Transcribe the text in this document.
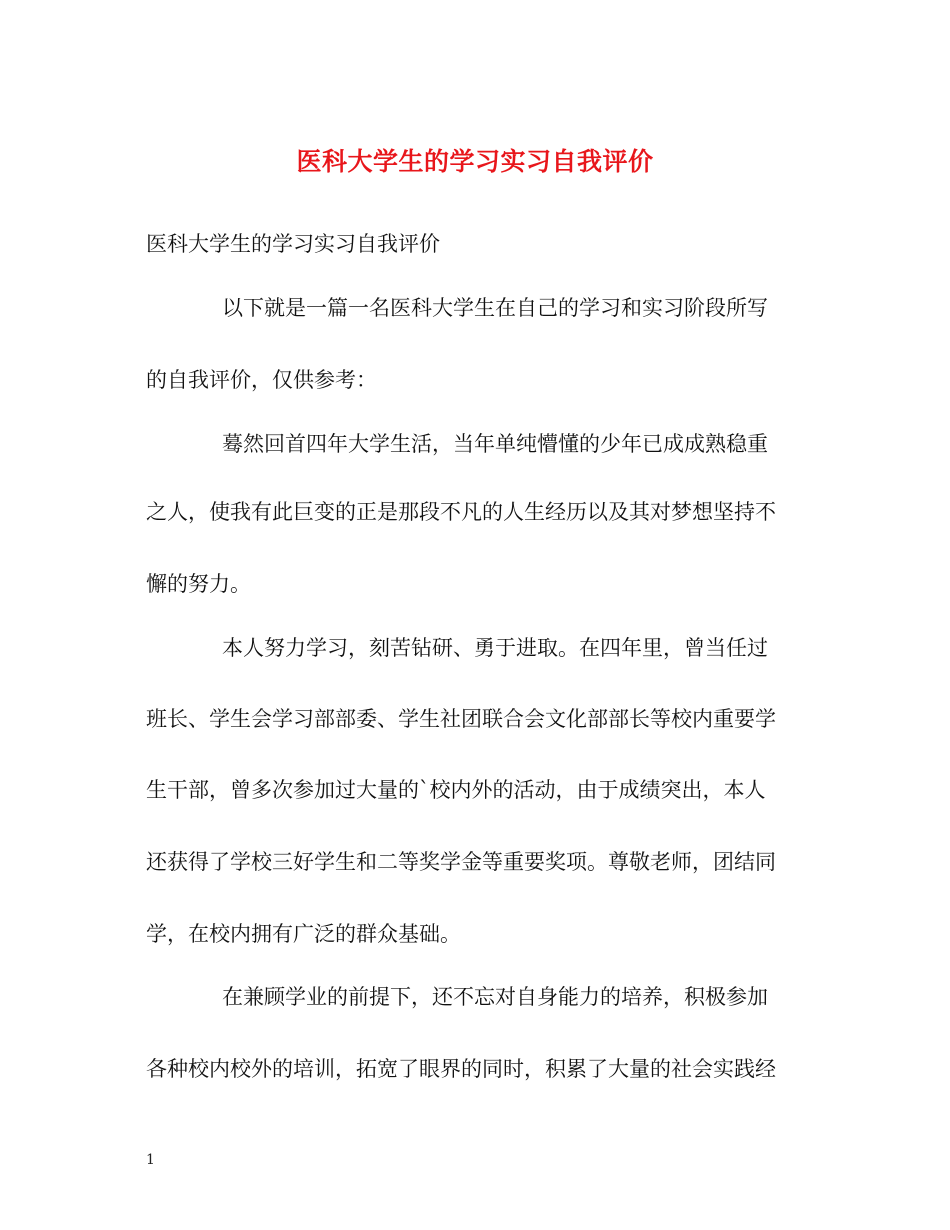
医科大学生的学习实习自我评价
医科大学生的学习实习自我评价
以下就是一篇一名医科大学生在自己的学习和实习阶段所写
的自我评价，仅供参考：
蓦然回首四年大学生活，当年单纯懵懂的少年已成成熟稳重
之人，使我有此巨变的正是那段不凡的人生经历以及其对梦想坚持不
懈的努力。
本人努力学习，刻苦钻研、勇于进取。在四年里，曾当任过
班长、学生会学习部部委、学生社团联合会文化部部长等校内重要学
生干部，曾多次参加过大量的`校内外的活动，由于成绩突出，本人
还获得了学校三好学生和二等奖学金等重要奖项。尊敬老师，团结同
学，在校内拥有广泛的群众基础。
在兼顾学业的前提下，还不忘对自身能力的培养，积极参加
各种校内校外的培训，拓宽了眼界的同时，积累了大量的社会实践经
1
